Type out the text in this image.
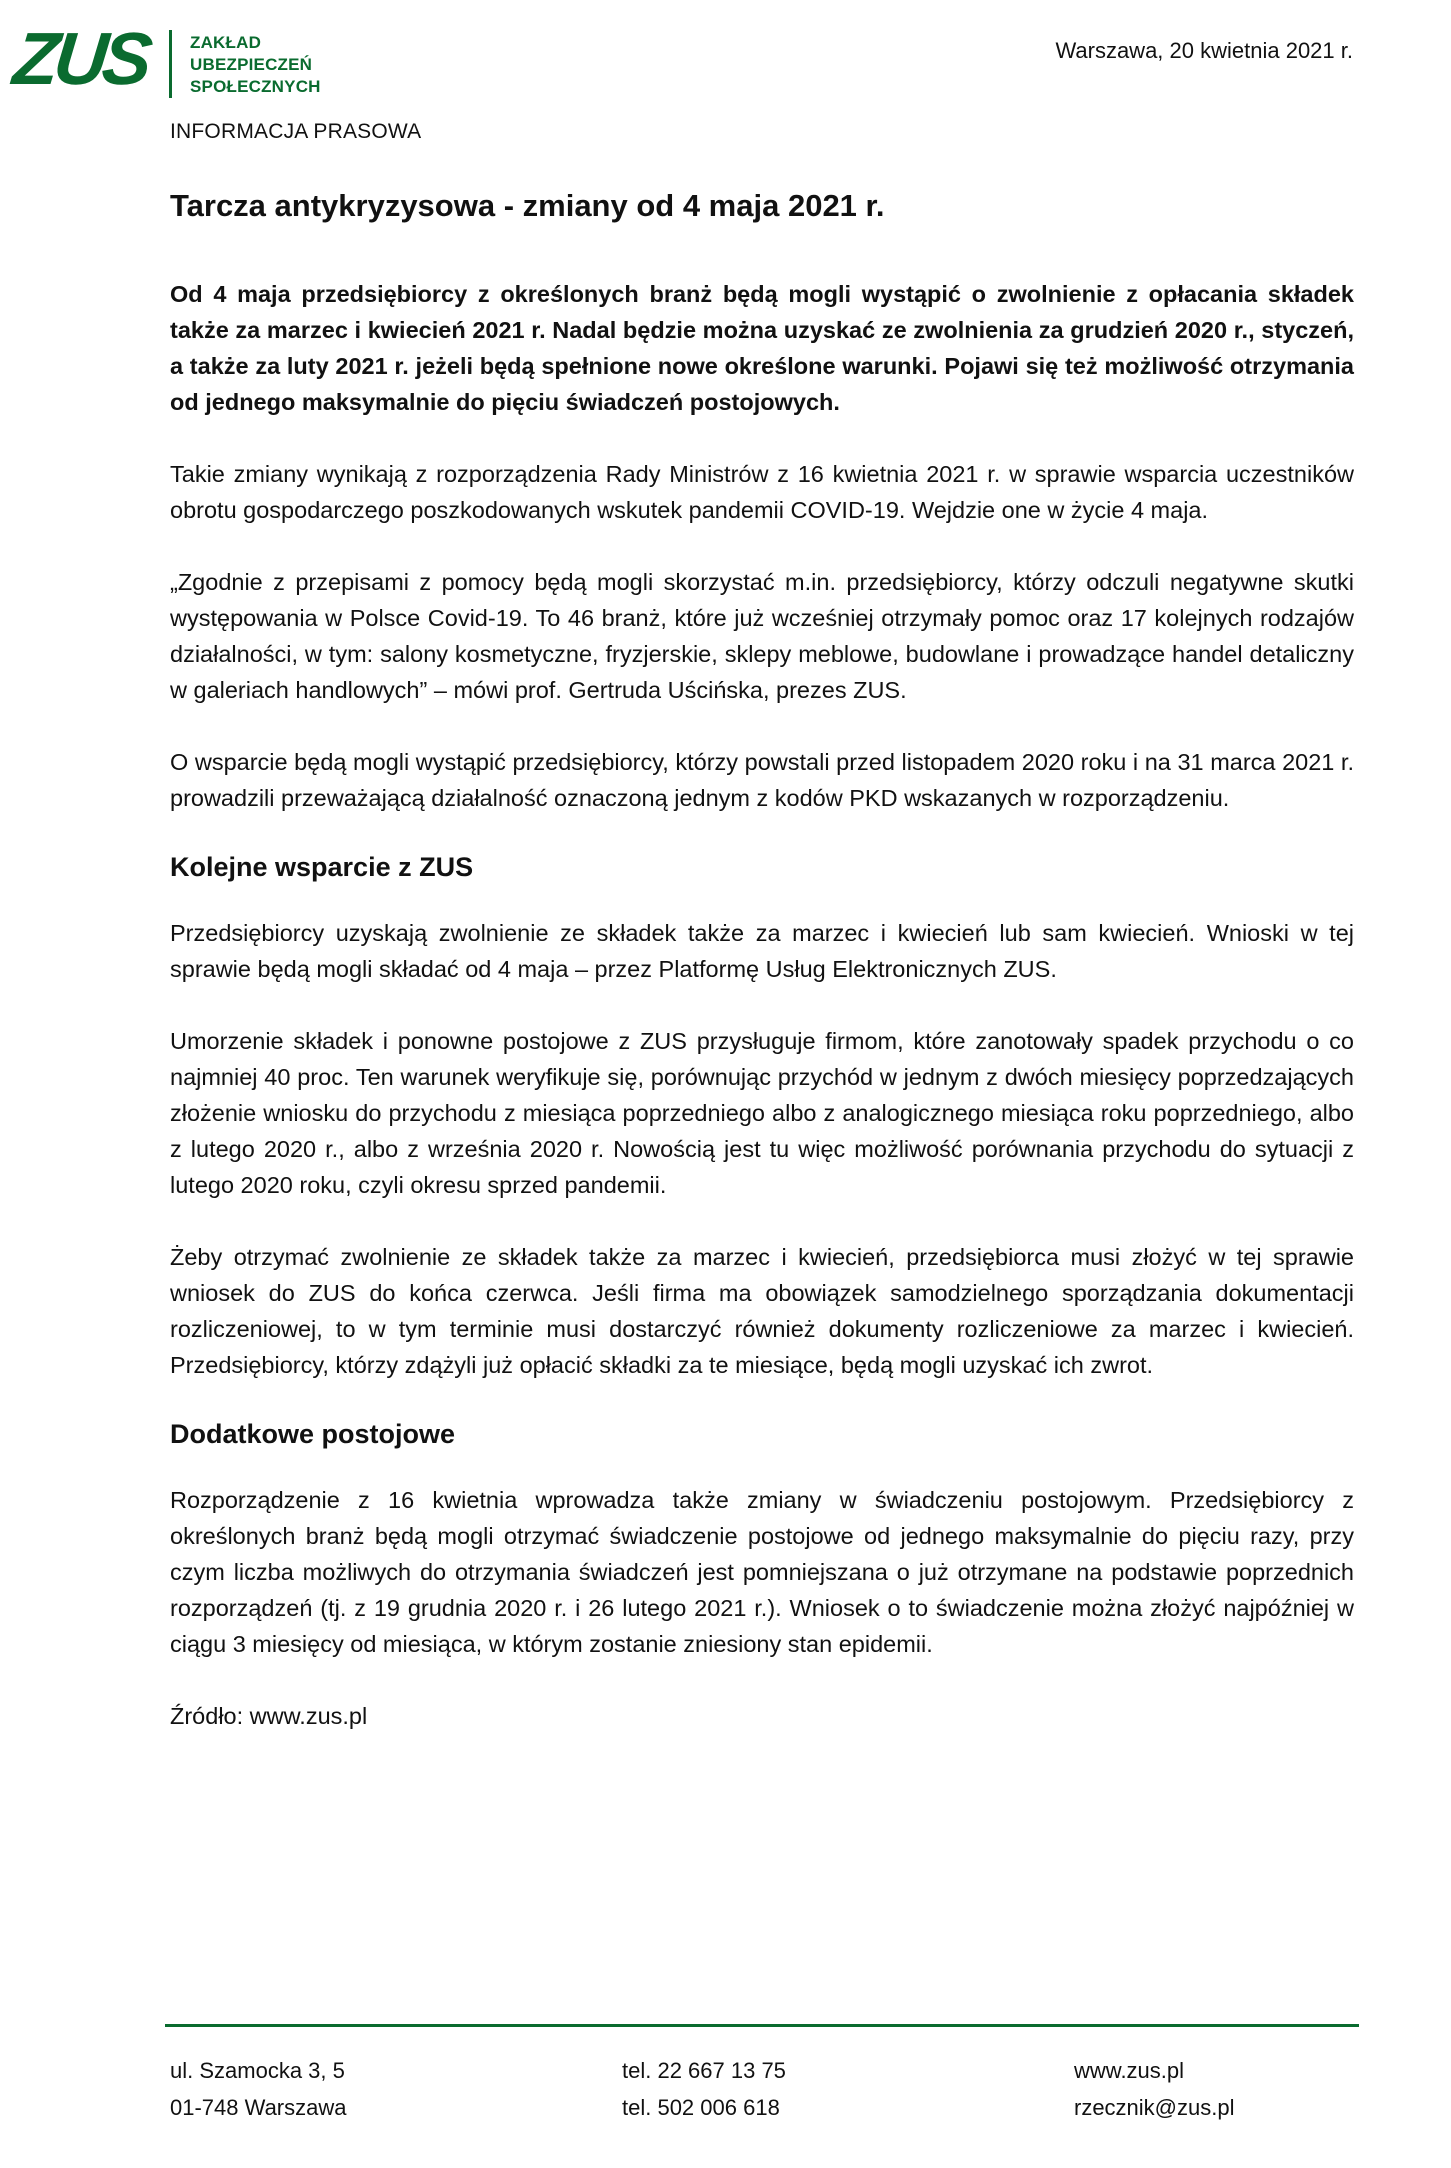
ZUS ZAKŁAD
UBEZPIECZEŃ
SPOŁECZNYCH
Warszawa, 20 kwietnia 2021 r.
INFORMACJA PRASOWA
Tarcza antykryzysowa - zmiany od 4 maja 2021 r.

Od 4 maja przedsiębiorcy z określonych branż będą mogli wystąpić o zwolnienie z opłacania składek także za marzec i kwiecień 2021 r. Nadal będzie można uzyskać ze zwolnienia za grudzień 2020 r., styczeń, a także za luty 2021 r. jeżeli będą spełnione nowe określone warunki. Pojawi się też możliwość otrzymania od jednego maksymalnie do pięciu świadczeń postojowych.

Takie zmiany wynikają z rozporządzenia Rady Ministrów z 16 kwietnia 2021 r. w sprawie wsparcia uczestników obrotu gospodarczego poszkodowanych wskutek pandemii COVID-19. Wejdzie one w życie 4 maja.

„Zgodnie z przepisami z pomocy będą mogli skorzystać m.in. przedsiębiorcy, którzy odczuli negatywne skutki występowania w Polsce Covid-19. To 46 branż, które już wcześniej otrzymały pomoc oraz 17 kolejnych rodzajów działalności, w tym: salony kosmetyczne, fryzjerskie, sklepy meblowe, budowlane i prowadzące handel detaliczny w galeriach handlowych” – mówi prof. Gertruda Uścińska, prezes ZUS.

O wsparcie będą mogli wystąpić przedsiębiorcy, którzy powstali przed listopadem 2020 roku i na 31 marca 2021 r. prowadzili przeważającą działalność oznaczoną jednym z kodów PKD wskazanych w rozporządzeniu.

Kolejne wsparcie z ZUS

Przedsiębiorcy uzyskają zwolnienie ze składek także za marzec i kwiecień lub sam kwiecień. Wnioski w tej sprawie będą mogli składać od 4 maja – przez Platformę Usług Elektronicznych ZUS.

Umorzenie składek i ponowne postojowe z ZUS przysługuje firmom, które zanotowały spadek przychodu o co najmniej 40 proc. Ten warunek weryfikuje się, porównując przychód w jednym z dwóch miesięcy poprzedzających złożenie wniosku do przychodu z miesiąca poprzedniego albo z analogicznego miesiąca roku poprzedniego, albo z lutego 2020 r., albo z września 2020 r. Nowością jest tu więc możliwość porównania przychodu do sytuacji z lutego 2020 roku, czyli okresu sprzed pandemii.

Żeby otrzymać zwolnienie ze składek także za marzec i kwiecień, przedsiębiorca musi złożyć w tej sprawie wniosek do ZUS do końca czerwca. Jeśli firma ma obowiązek samodzielnego sporządzania dokumentacji rozliczeniowej, to w tym terminie musi dostarczyć również dokumenty rozliczeniowe za marzec i kwiecień. Przedsiębiorcy, którzy zdążyli już opłacić składki za te miesiące, będą mogli uzyskać ich zwrot.

Dodatkowe postojowe

Rozporządzenie z 16 kwietnia wprowadza także zmiany w świadczeniu postojowym. Przedsiębiorcy z określonych branż będą mogli otrzymać świadczenie postojowe od jednego maksymalnie do pięciu razy, przy czym liczba możliwych do otrzymania świadczeń jest pomniejszana o już otrzymane na podstawie poprzednich rozporządzeń (tj. z 19 grudnia 2020 r. i 26 lutego 2021 r.). Wniosek o to świadczenie można złożyć najpóźniej w ciągu 3 miesięcy od miesiąca, w którym zostanie zniesiony stan epidemii.

Źródło: www.zus.pl

ul. Szamocka 3, 5
01-748 Warszawa
tel. 22 667 13 75
tel. 502 006 618
www.zus.pl
rzecznik@zus.pl
